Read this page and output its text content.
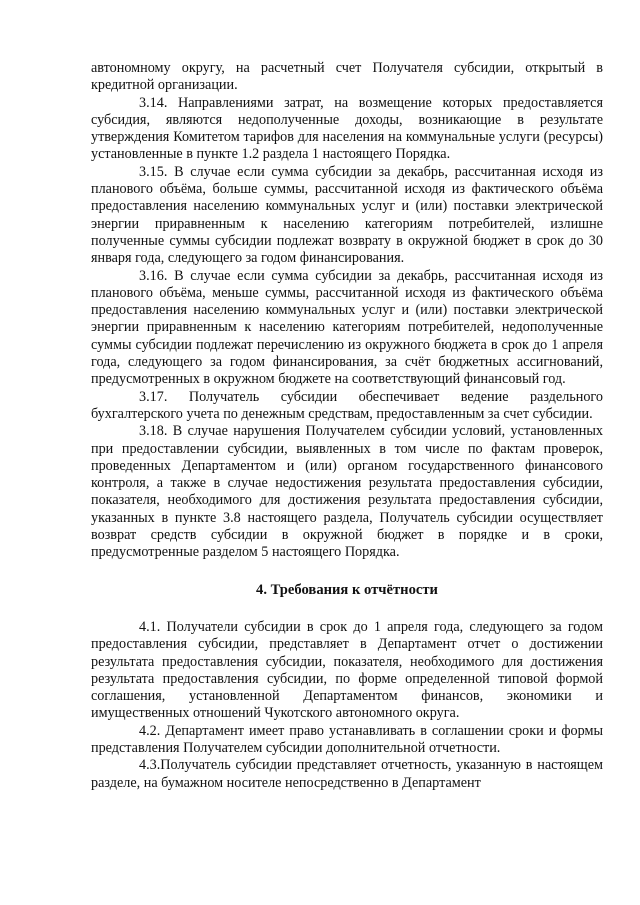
автономному округу, на расчетный счет Получателя субсидии, открытый в кредитной организации.

3.14. Направлениями затрат, на возмещение которых предоставляется субсидия, являются недополученные доходы, возникающие в результате утверждения Комитетом тарифов для населения на коммунальные услуги (ресурсы) установленные в пункте 1.2 раздела 1 настоящего Порядка.

3.15. В случае если сумма субсидии за декабрь, рассчитанная исходя из планового объёма, больше суммы, рассчитанной исходя из фактического объёма предоставления населению коммунальных услуг и (или) поставки электрической энергии приравненным к населению категориям потребителей, излишне полученные суммы субсидии подлежат возврату в окружной бюджет в срок до 30 января года, следующего за годом финансирования.

3.16. В случае если сумма субсидии за декабрь, рассчитанная исходя из планового объёма, меньше суммы, рассчитанной исходя из фактического объёма предоставления населению коммунальных услуг и (или) поставки электрической энергии приравненным к населению категориям потребителей, недополученные суммы субсидии подлежат перечислению из окружного бюджета в срок до 1 апреля года, следующего за годом финансирования, за счёт бюджетных ассигнований, предусмотренных в окружном бюджете на соответствующий финансовый год.

3.17. Получатель субсидии обеспечивает ведение раздельного бухгалтерского учета по денежным средствам, предоставленным за счет субсидии.

3.18. В случае нарушения Получателем субсидии условий, установленных при предоставлении субсидии, выявленных в том числе по фактам проверок, проведенных Департаментом и (или) органом государственного финансового контроля, а также в случае недостижения результата предоставления субсидии, показателя, необходимого для достижения результата предоставления субсидии, указанных в пункте 3.8 настоящего раздела, Получатель субсидии осуществляет возврат средств субсидии в окружной бюджет в порядке и в сроки, предусмотренные разделом 5 настоящего Порядка.

4. Требования к отчётности

4.1. Получатели субсидии в срок до 1 апреля года, следующего за годом предоставления субсидии, представляет в Департамент отчет о достижении результата предоставления субсидии, показателя, необходимого для достижения результата предоставления субсидии, по форме определенной типовой формой соглашения, установленной Департаментом финансов, экономики и имущественных отношений Чукотского автономного округа.

4.2. Департамент имеет право устанавливать в соглашении сроки и формы представления Получателем субсидии дополнительной отчетности.

4.3.Получатель субсидии представляет отчетность, указанную в настоящем разделе, на бумажном носителе непосредственно в Департамент
